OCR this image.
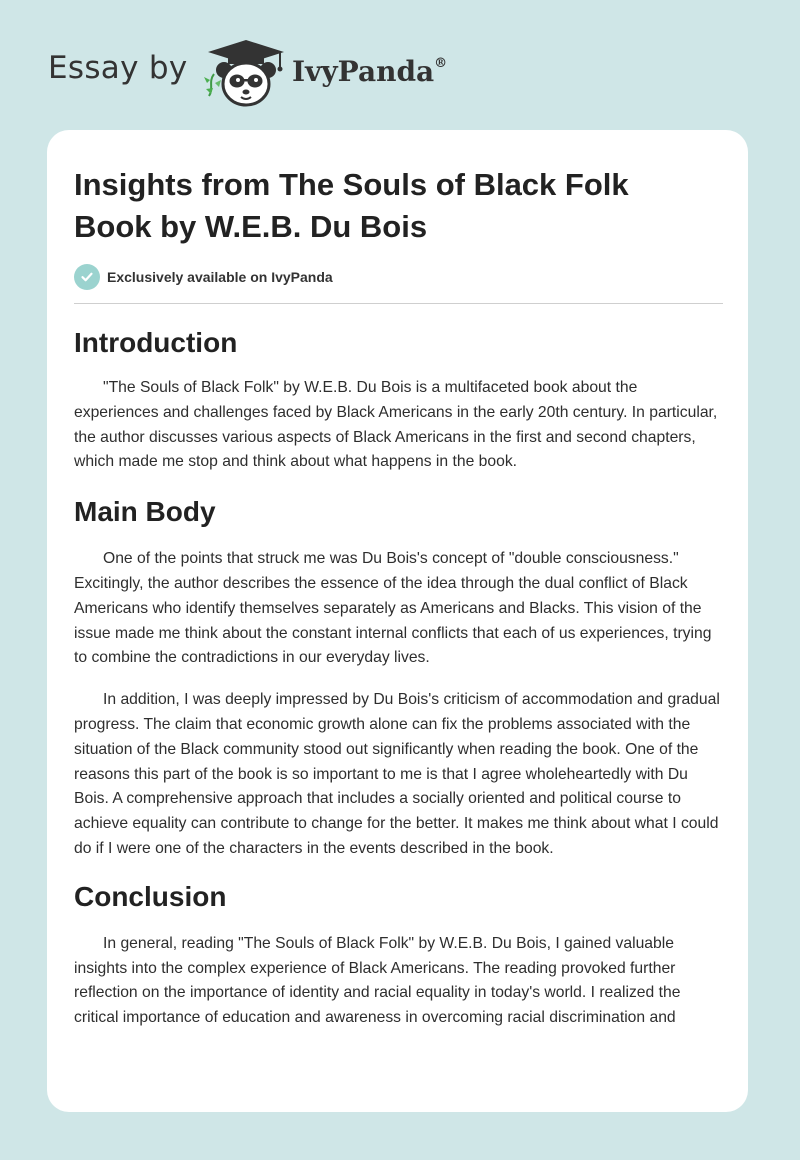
Essay by	IvyPanda®
Insights from The Souls of Black Folk Book by W.E.B. Du Bois
Exclusively available on IvyPanda
Introduction

"The Souls of Black Folk" by W.E.B. Du Bois is a multifaceted book about the experiences and challenges faced by Black Americans in the early 20th century. In particular, the author discusses various aspects of Black Americans in the first and second chapters, which made me stop and think about what happens in the book.

Main Body

One of the points that struck me was Du Bois's concept of "double consciousness." Excitingly, the author describes the essence of the idea through the dual conflict of Black Americans who identify themselves separately as Americans and Blacks. This vision of the issue made me think about the constant internal conflicts that each of us experiences, trying to combine the contradictions in our everyday lives.

In addition, I was deeply impressed by Du Bois's criticism of accommodation and gradual progress. The claim that economic growth alone can fix the problems associated with the situation of the Black community stood out significantly when reading the book. One of the reasons this part of the book is so important to me is that I agree wholeheartedly with Du Bois. A comprehensive approach that includes a socially oriented and political course to achieve equality can contribute to change for the better. It makes me think about what I could do if I were one of the characters in the events described in the book.

Conclusion

In general, reading "The Souls of Black Folk" by W.E.B. Du Bois, I gained valuable insights into the complex experience of Black Americans. The reading provoked further reflection on the importance of identity and racial equality in today's world. I realized the critical importance of education and awareness in overcoming racial discrimination and
